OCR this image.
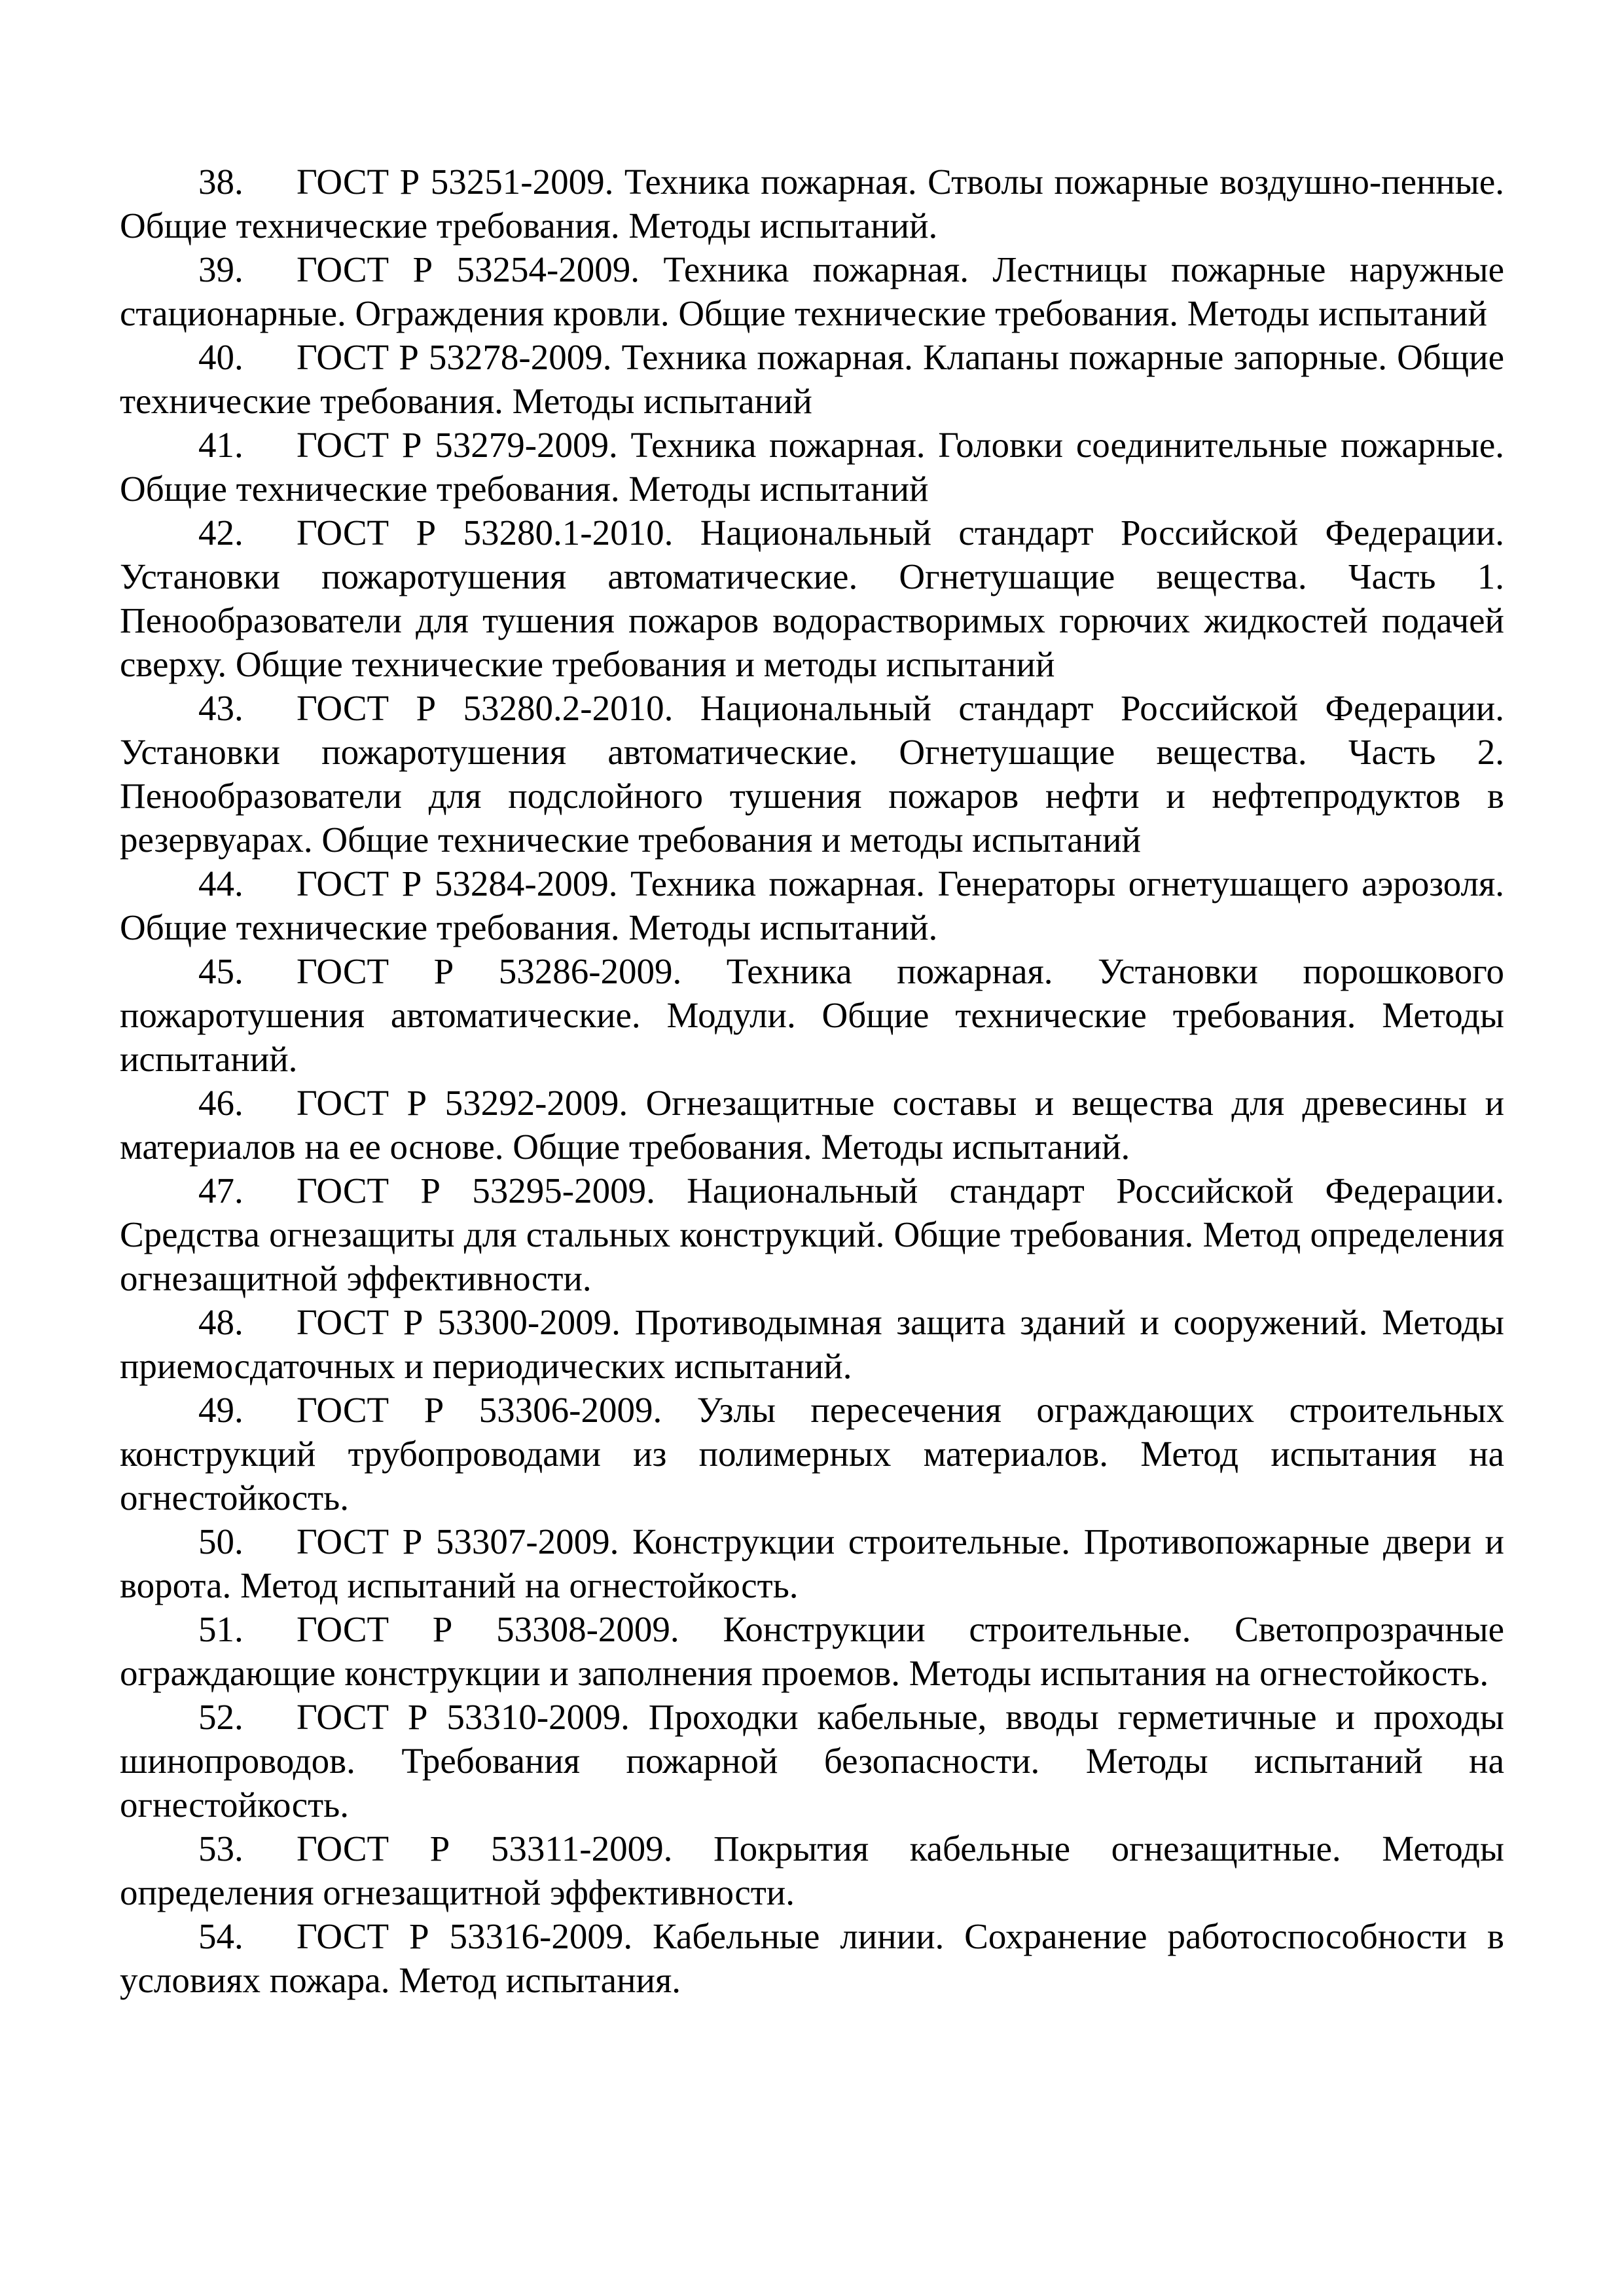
38. ГОСТ Р 53251-2009. Техника пожарная. Стволы пожарные воздушно-пенные. Общие технические требования. Методы испытаний.

39. ГОСТ Р 53254-2009. Техника пожарная. Лестницы пожарные наружные стационарные. Ограждения кровли. Общие технические требования. Методы испытаний

40. ГОСТ Р 53278-2009. Техника пожарная. Клапаны пожарные запорные. Общие технические требования. Методы испытаний

41. ГОСТ Р 53279-2009. Техника пожарная. Головки соединительные пожарные. Общие технические требования. Методы испытаний

42. ГОСТ Р 53280.1-2010. Национальный стандарт Российской Федерации. Установки пожаротушения автоматические. Огнетушащие вещества. Часть 1. Пенообразователи для тушения пожаров водорастворимых горючих жидкостей подачей сверху. Общие технические требования и методы испытаний

43. ГОСТ Р 53280.2-2010. Национальный стандарт Российской Федерации. Установки пожаротушения автоматические. Огнетушащие вещества. Часть 2. Пенообразователи для подслойного тушения пожаров нефти и нефтепродуктов в резервуарах. Общие технические требования и методы испытаний

44. ГОСТ Р 53284-2009. Техника пожарная. Генераторы огнетушащего аэрозоля. Общие технические требования. Методы испытаний.

45. ГОСТ Р 53286-2009. Техника пожарная. Установки порошкового пожаротушения автоматические. Модули. Общие технические требования. Методы испытаний.

46. ГОСТ Р 53292-2009. Огнезащитные составы и вещества для древесины и материалов на ее основе. Общие требования. Методы испытаний.

47. ГОСТ Р 53295-2009. Национальный стандарт Российской Федерации. Средства огнезащиты для стальных конструкций. Общие требования. Метод определения огнезащитной эффективности.

48. ГОСТ Р 53300-2009. Противодымная защита зданий и сооружений. Методы приемосдаточных и периодических испытаний.

49. ГОСТ Р 53306-2009. Узлы пересечения ограждающих строительных конструкций трубопроводами из полимерных материалов. Метод испытания на огнестойкость.

50. ГОСТ Р 53307-2009. Конструкции строительные. Противопожарные двери и ворота. Метод испытаний на огнестойкость.

51. ГОСТ Р 53308-2009. Конструкции строительные. Светопрозрачные ограждающие конструкции и заполнения проемов. Методы испытания на огнестойкость.

52. ГОСТ Р 53310-2009. Проходки кабельные, вводы герметичные и проходы шинопроводов. Требования пожарной безопасности. Методы испытаний на огнестойкость.

53. ГОСТ Р 53311-2009. Покрытия кабельные огнезащитные. Методы определения огнезащитной эффективности.

54. ГОСТ Р 53316-2009. Кабельные линии. Сохранение работоспособности в условиях пожара. Метод испытания.
